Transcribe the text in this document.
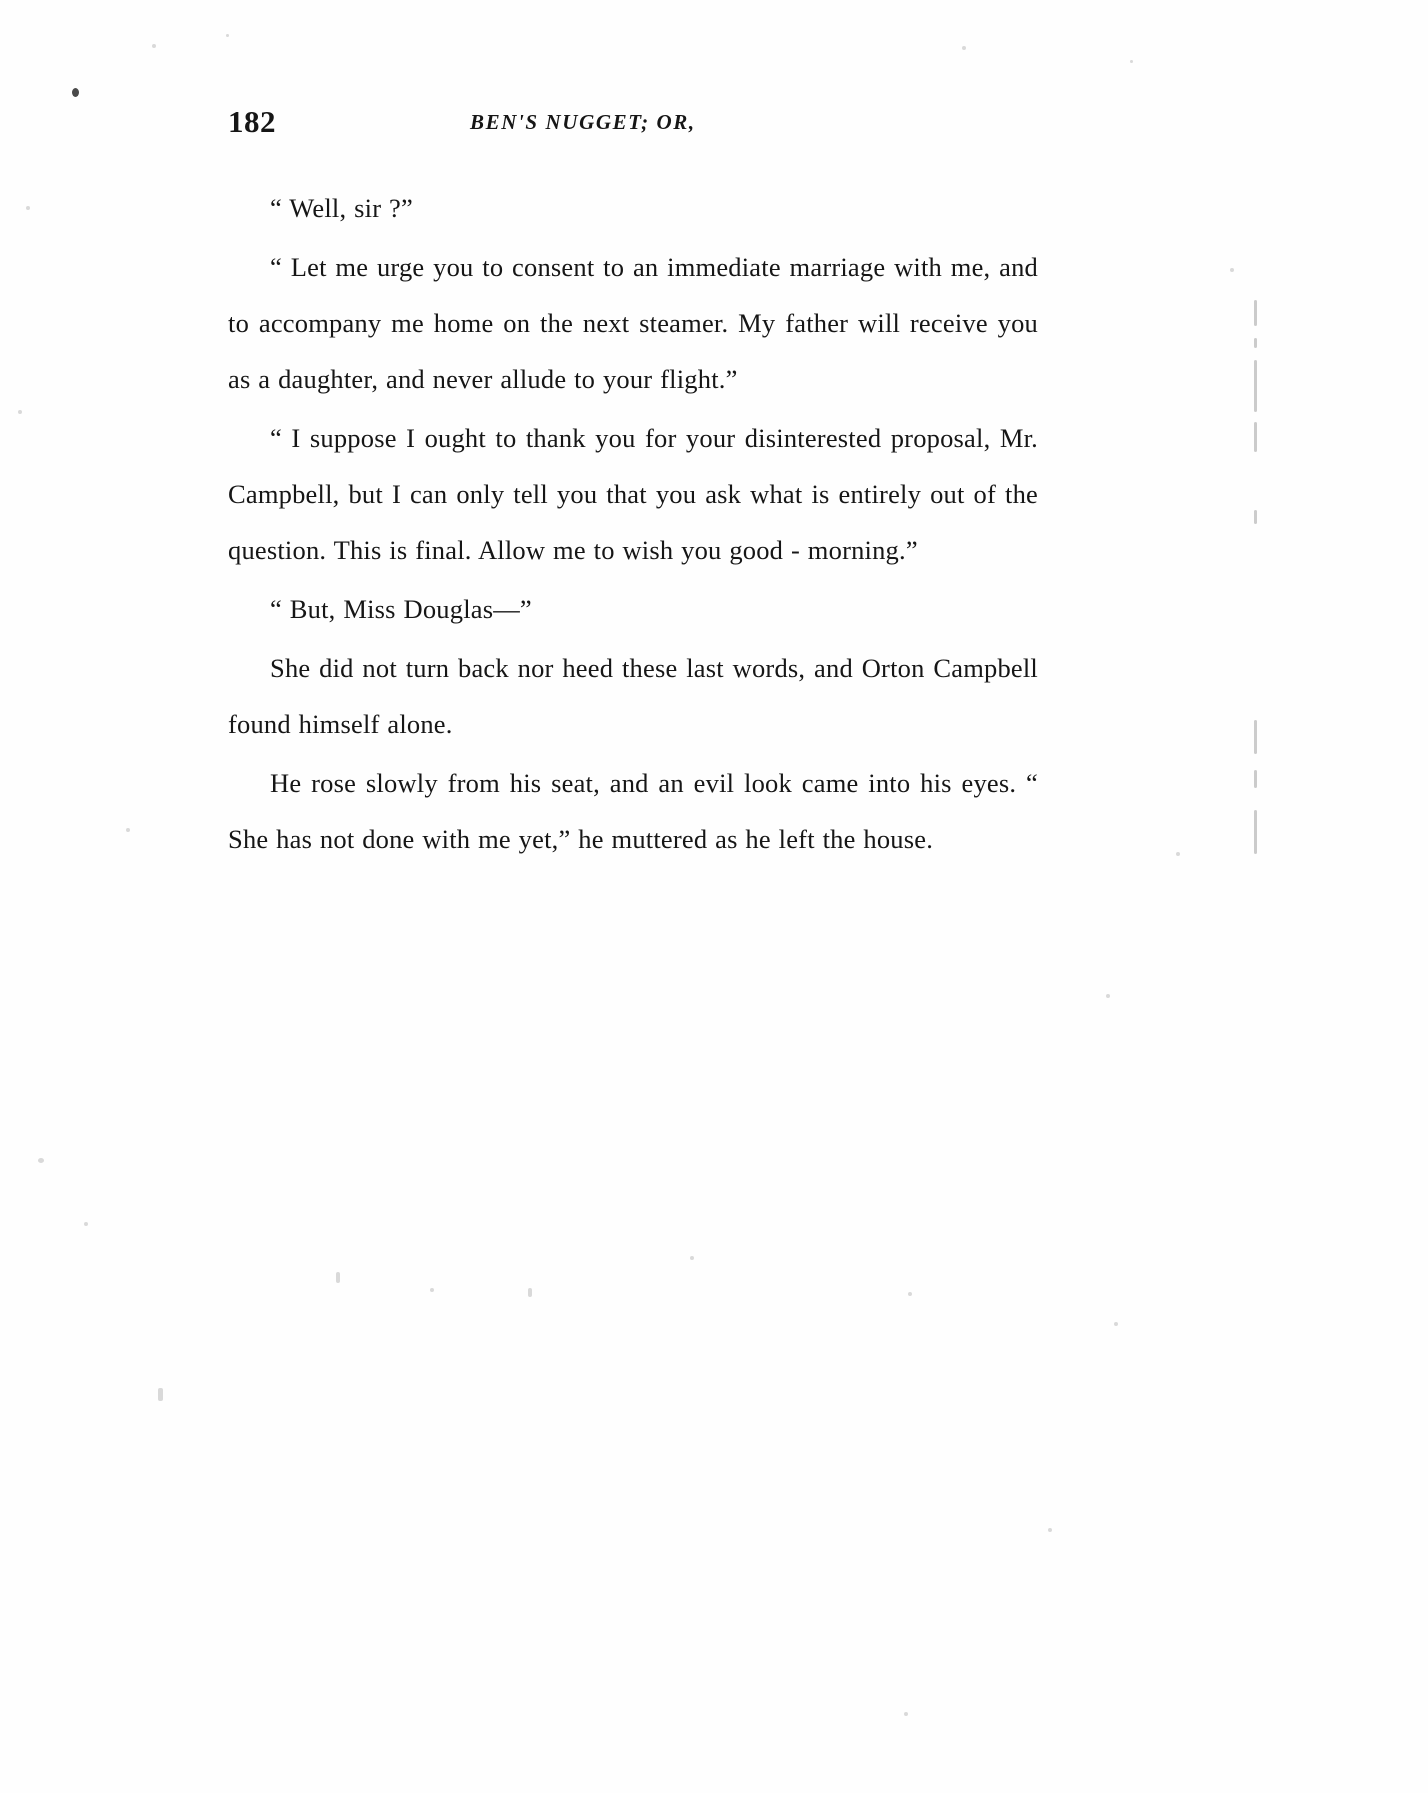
182	BEN'S NUGGET; OR,

“ Well, sir ?”

“ Let me urge you to consent to an immediate marriage with me, and to accompany me home on the next steamer. My father will receive you as a daughter, and never allude to your flight.”

“ I suppose I ought to thank you for your disinterested proposal, Mr. Campbell, but I can only tell you that you ask what is entirely out of the question. This is final. Allow me to wish you good - morning.”

“ But, Miss Douglas—”

She did not turn back nor heed these last words, and Orton Campbell found himself alone.

He rose slowly from his seat, and an evil look came into his eyes. “ She has not done with me yet,” he muttered as he left the house.
